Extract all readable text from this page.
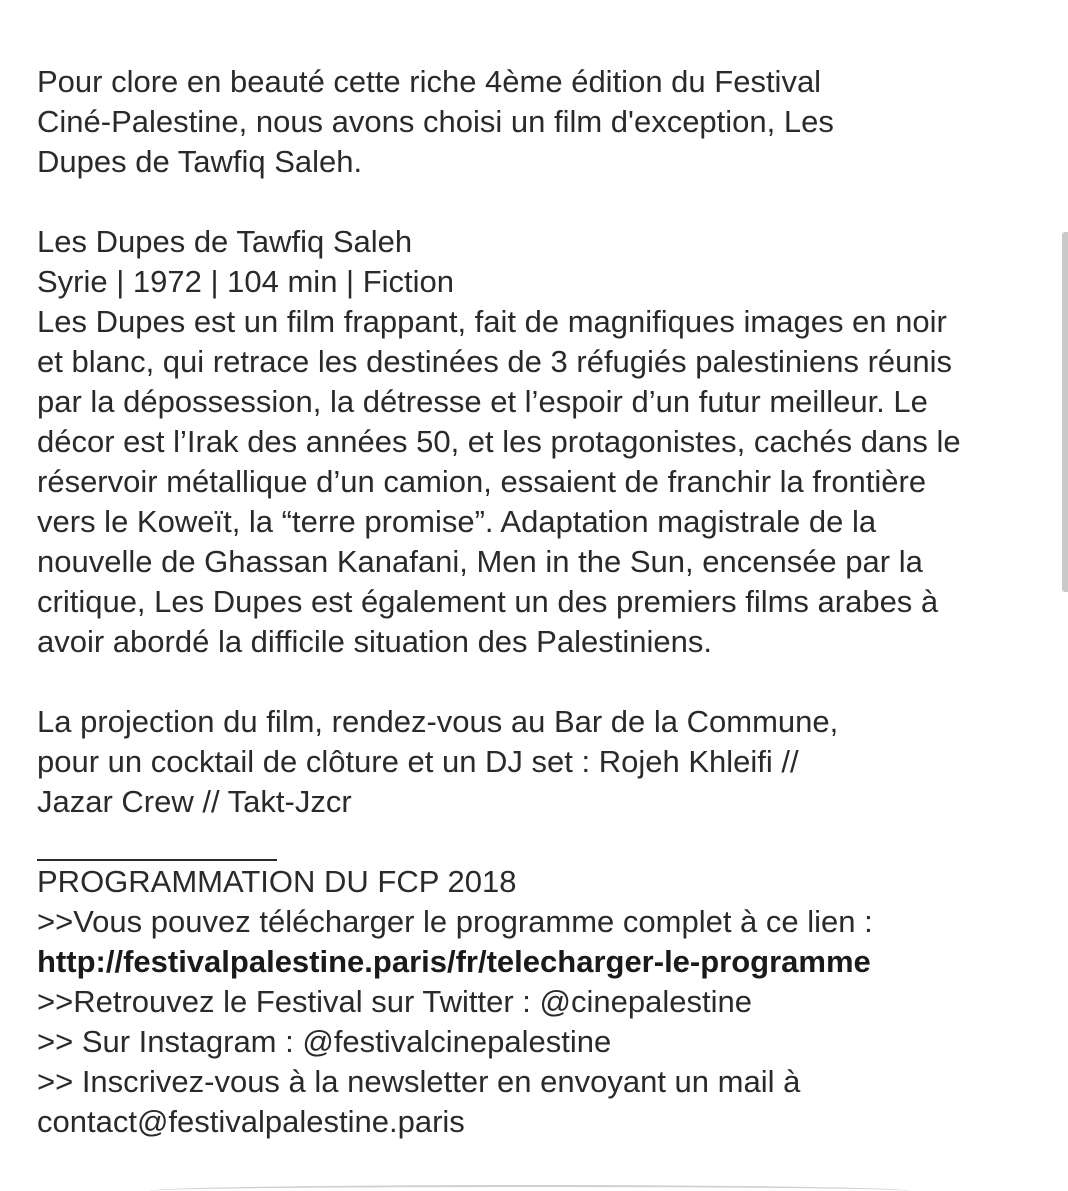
Pour clore en beauté cette riche 4ème édition du Festival
Ciné-Palestine, nous avons choisi un film d'exception, Les
Dupes de Tawfiq Saleh.
Les Dupes de Tawfiq Saleh
Syrie | 1972 | 104 min | Fiction
Les Dupes est un film frappant, fait de magnifiques images en noir
et blanc, qui retrace les destinées de 3 réfugiés palestiniens réunis
par la dépossession, la détresse et l’espoir d’un futur meilleur. Le
décor est l’Irak des années 50, et les protagonistes, cachés dans le
réservoir métallique d’un camion, essaient de franchir la frontière
vers le Koweït, la “terre promise”. Adaptation magistrale de la
nouvelle de Ghassan Kanafani, Men in the Sun, encensée par la
critique, Les Dupes est également un des premiers films arabes à
avoir abordé la difficile situation des Palestiniens.
La projection du film, rendez-vous au Bar de la Commune,
pour un cocktail de clôture et un DJ set : Rojeh Khleifi //
Jazar Crew // Takt-Jzcr
PROGRAMMATION DU FCP 2018
>>Vous pouvez télécharger le programme complet à ce lien :
http://festivalpalestine.paris/fr/telecharger-le-programme
>>Retrouvez le Festival sur Twitter : @cinepalestine
>> Sur Instagram : @festivalcinepalestine
>> Inscrivez-vous à la newsletter en envoyant un mail à
contact@festivalpalestine.paris
